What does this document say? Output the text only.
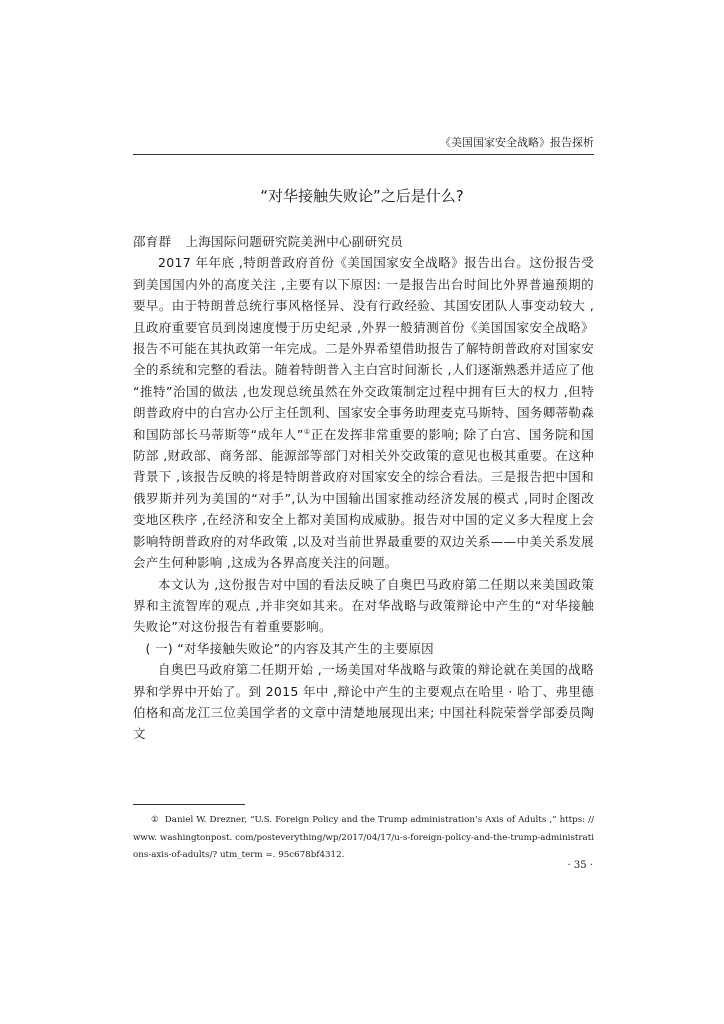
《美国国家安全战略》报告探析
“对华接触失败论”之后是什么?

邵育群 上海国际问题研究院美洲中心副研究员

2017 年年底 ,特朗普政府首份《美国国家安全战略》报告出台。这份报告受到美国国内外的高度关注 ,主要有以下原因: 一是报告出台时间比外界普遍预期的要早。由于特朗普总统行事风格怪异、没有行政经验、其国安团队人事变动较大 ,且政府重要官员到岗速度慢于历史纪录 ,外界一般猜测首份《美国国家安全战略》报告不可能在其执政第一年完成。二是外界希望借助报告了解特朗普政府对国家安全的系统和完整的看法。随着特朗普入主白宫时间渐长 ,人们逐渐熟悉并适应了他 “推特”治国的做法 ,也发现总统虽然在外交政策制定过程中拥有巨大的权力 ,但特朗普政府中的白宫办公厅主任凯利、国家安全事务助理麦克马斯特、国务卿蒂勒森和国防部长马蒂斯等“成年人”①正在发挥非常重要的影响; 除了白宫、国务院和国防部 ,财政部、商务部、能源部等部门对相关外交政策的意见也极其重要。在这种背景下 ,该报告反映的将是特朗普政府对国家安全的综合看法。三是报告把中国和俄罗斯并列为美国的“对手”,认为中国输出国家推动经济发展的模式 ,同时企图改变地区秩序 ,在经济和安全上都对美国构成威胁。报告对中国的定义多大程度上会影响特朗普政府的对华政策 ,以及对当前世界最重要的双边关系——中美关系发展会产生何种影响 ,这成为各界高度关注的问题。

本文认为 ,这份报告对中国的看法反映了自奥巴马政府第二任期以来美国政策界和主流智库的观点 ,并非突如其来。在对华战略与政策辩论中产生的“对华接触失败论”对这份报告有着重要影响。

( 一) “对华接触失败论”的内容及其产生的主要原因

自奥巴马政府第二任期开始 ,一场美国对华战略与政策的辩论就在美国的战略界和学界中开始了。到 2015 年中 ,辩论中产生的主要观点在哈里 · 哈丁、弗里德伯格和高龙江三位美国学者的文章中清楚地展现出来; 中国社科院荣誉学部委员陶文

① Daniel W. Drezner, “U.S. Foreign Policy and the Trump administration’s Axis of Adults ,” https: //www. washingtonpost. com/posteverything/wp/2017/04/17/u-s-foreign-policy-and-the-trump-administrations-axis-of-adults/? utm_term =. 95c678bf4312.
· 35 ·
